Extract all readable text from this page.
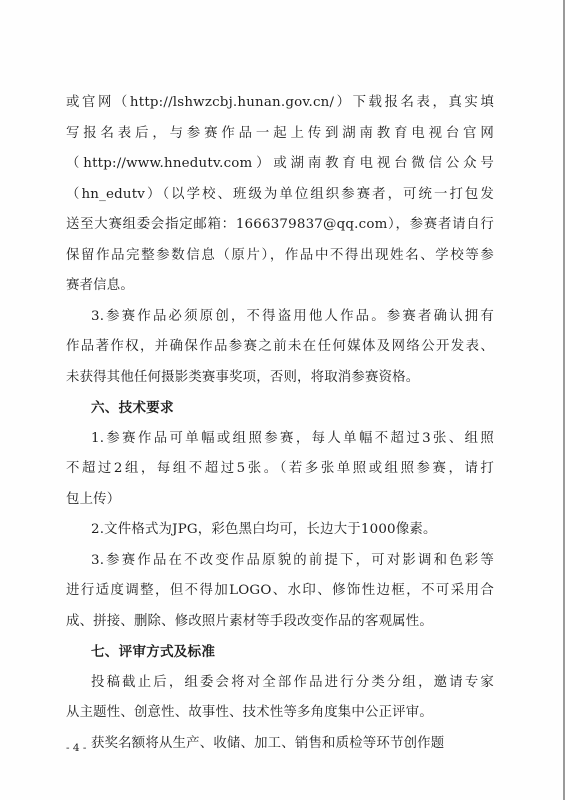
或官网（http://lshwzcbj.hunan.gov.cn/）下载报名表，真实填
写报名表后，与参赛作品一起上传到湖南教育电视台官网
（http://www.hnedutv.com）或湖南教育电视台微信公众号
（hn_edutv）（以学校、班级为单位组织参赛者，可统一打包发
送至大赛组委会指定邮箱：1666379837@qq.com），参赛者请自行
保留作品完整参数信息（原片），作品中不得出现姓名、学校等参
赛者信息。
3.参赛作品必须原创，不得盗用他人作品。参赛者确认拥有
作品著作权，并确保作品参赛之前未在任何媒体及网络公开发表、
未获得其他任何摄影类赛事奖项，否则，将取消参赛资格。
六、技术要求
1.参赛作品可单幅或组照参赛，每人单幅不超过3张、组照
不超过2组，每组不超过5张。（若多张单照或组照参赛，请打
包上传）
2.文件格式为JPG，彩色黑白均可，长边大于1000像素。
3.参赛作品在不改变作品原貌的前提下，可对影调和色彩等
进行适度调整，但不得加LOGO、水印、修饰性边框，不可采用合
成、拼接、删除、修改照片素材等手段改变作品的客观属性。
七、评审方式及标准
投稿截止后，组委会将对全部作品进行分类分组，邀请专家
从主题性、创意性、故事性、技术性等多角度集中公正评审。
获奖名额将从生产、收储、加工、销售和质检等环节创作题
- 4 -
